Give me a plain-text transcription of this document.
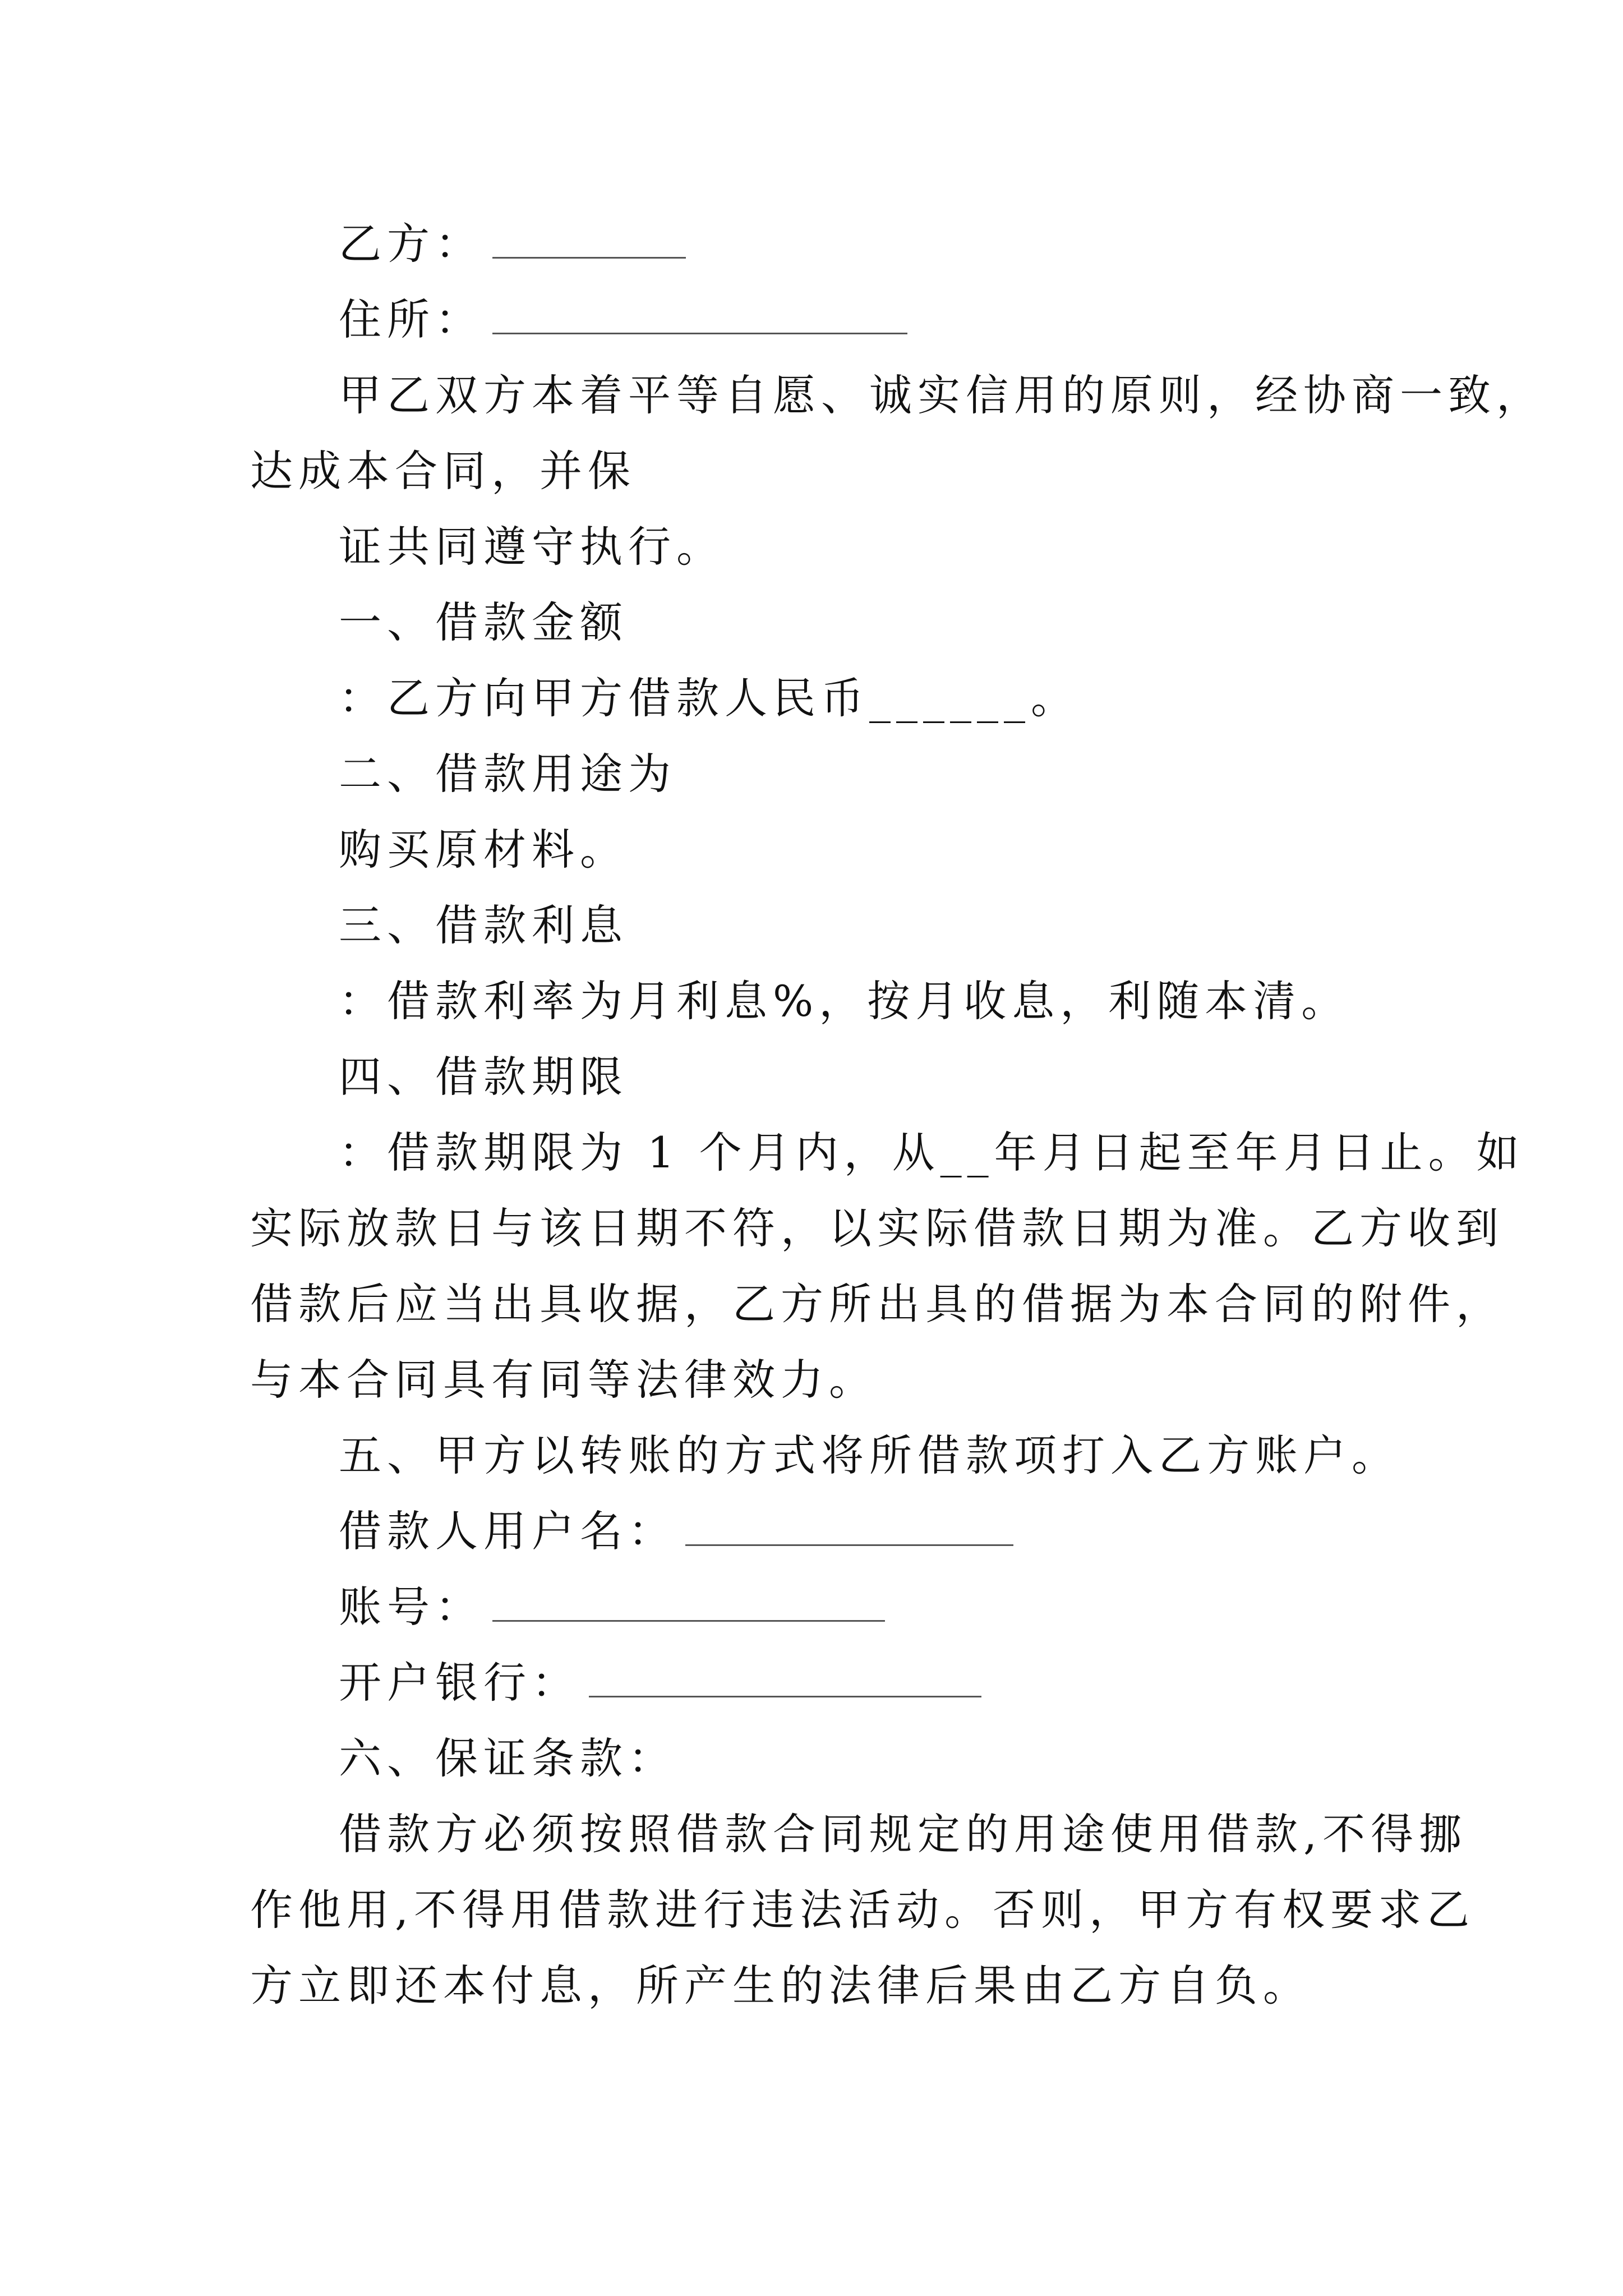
乙方：
住所：
甲乙双方本着平等自愿、诚实信用的原则，经协商一致，
达成本合同，并保
证共同遵守执行。
一、借款金额
：乙方向甲方借款人民币______。
二、借款用途为
购买原材料。
三、借款利息
：借款利率为月利息%，按月收息，利随本清。
四、借款期限
：借款期限为 1 个月内，从__年月日起至年月日止。如
实际放款日与该日期不符，以实际借款日期为准。乙方收到
借款后应当出具收据，乙方所出具的借据为本合同的附件，
与本合同具有同等法律效力。
五、甲方以转账的方式将所借款项打入乙方账户。
借款人用户名：
账号：
开户银行：
六、保证条款：
借款方必须按照借款合同规定的用途使用借款,不得挪
作他用,不得用借款进行违法活动。否则，甲方有权要求乙
方立即还本付息，所产生的法律后果由乙方自负。
